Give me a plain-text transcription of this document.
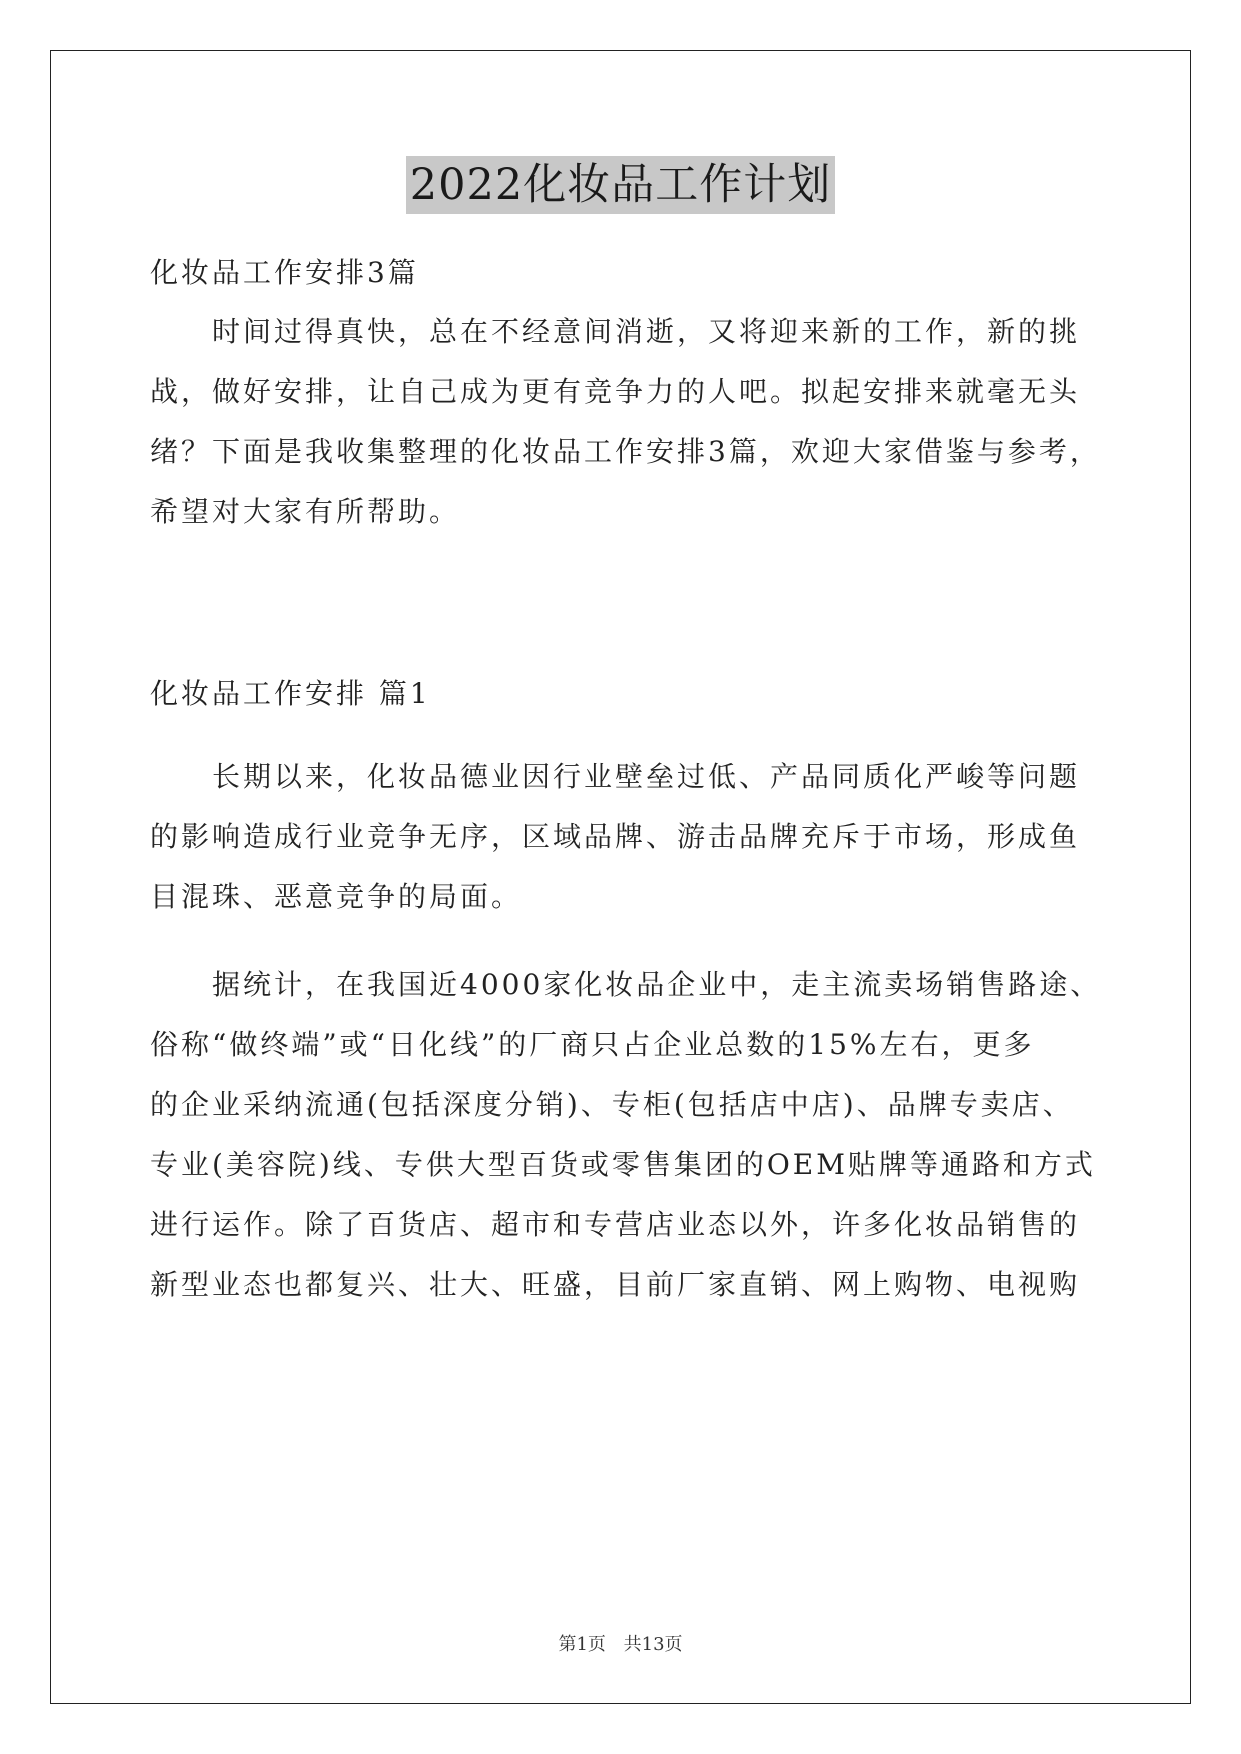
2022化妆品工作计划

化妆品工作安排3篇

时间过得真快，总在不经意间消逝，又将迎来新的工作，新的挑
战，做好安排，让自己成为更有竞争力的人吧。拟起安排来就毫无头
绪？下面是我收集整理的化妆品工作安排3篇，欢迎大家借鉴与参考，
希望对大家有所帮助。

化妆品工作安排 篇1

长期以来，化妆品德业因行业壁垒过低、产品同质化严峻等问题
的影响造成行业竞争无序，区域品牌、游击品牌充斥于市场，形成鱼
目混珠、恶意竞争的局面。
据统计，在我国近4000家化妆品企业中，走主流卖场销售路途、
俗称“做终端”或“日化线”的厂商只占企业总数的15%左右，更多
的企业采纳流通(包括深度分销)、专柜(包括店中店)、品牌专卖店、
专业(美容院)线、专供大型百货或零售集团的OEM贴牌等通路和方式
进行运作。除了百货店、超市和专营店业态以外，许多化妆品销售的
新型业态也都复兴、壮大、旺盛，目前厂家直销、网上购物、电视购
第1页 共13页
